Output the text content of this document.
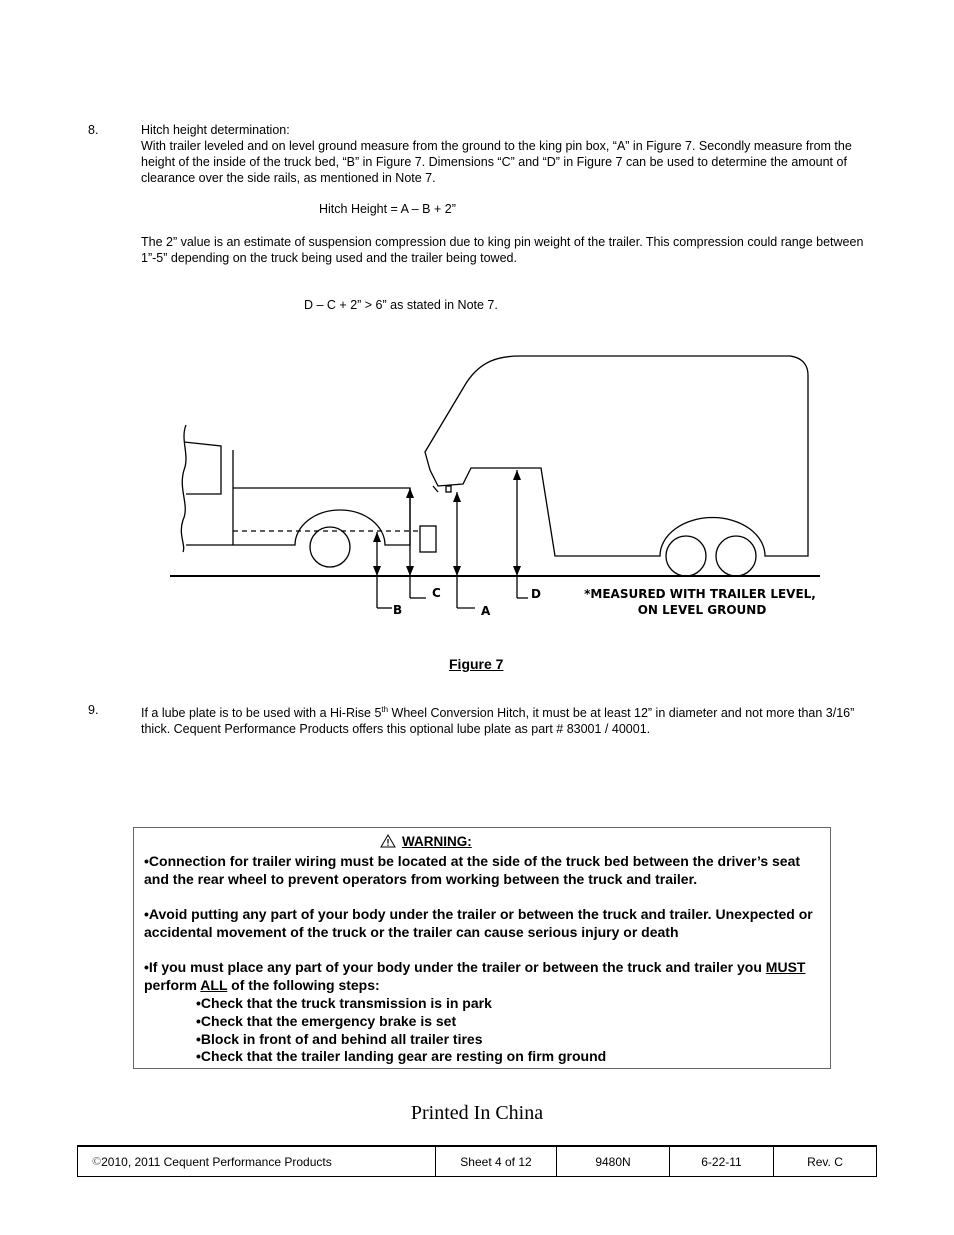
8.	Hitch height determination:
With trailer leveled and on level ground measure from the ground to the king pin box, “A” in Figure 7. Secondly measure from the height of the inside of the truck bed, “B” in Figure 7. Dimensions “C” and “D” in Figure 7 can be used to determine the amount of clearance over the side rails, as mentioned in Note 7.
Hitch Height = A – B + 2”
The 2” value is an estimate of suspension compression due to king pin weight of the trailer. This compression could range between 1”-5” depending on the truck being used and the trailer being towed.
D – C + 2” > 6” as stated in Note 7.
B
C
A
D	*MEASURED WITH TRAILER LEVEL,
ON LEVEL GROUND
Figure 7
9.	If a lube plate is to be used with a Hi-Rise 5th Wheel Conversion Hitch, it must be at least 12” in diameter and not more than 3/16” thick. Cequent Performance Products offers this optional lube plate as part # 83001 / 40001.
WARNING:
•Connection for trailer wiring must be located at the side of the truck bed between the driver’s seat and the rear wheel to prevent operators from working between the truck and trailer.
•Avoid putting any part of your body under the trailer or between the truck and trailer. Unexpected or accidental movement of the truck or the trailer can cause serious injury or death
•If you must place any part of your body under the trailer or between the truck and trailer you MUST perform ALL of the following steps:
•Check that the truck transmission is in park
•Check that the emergency brake is set
•Block in front of and behind all trailer tires
•Check that the trailer landing gear are resting on firm ground
Printed In China
© 2010, 2011 Cequent Performance Products	Sheet 4 of 12	9480N	6-22-11	Rev. C
